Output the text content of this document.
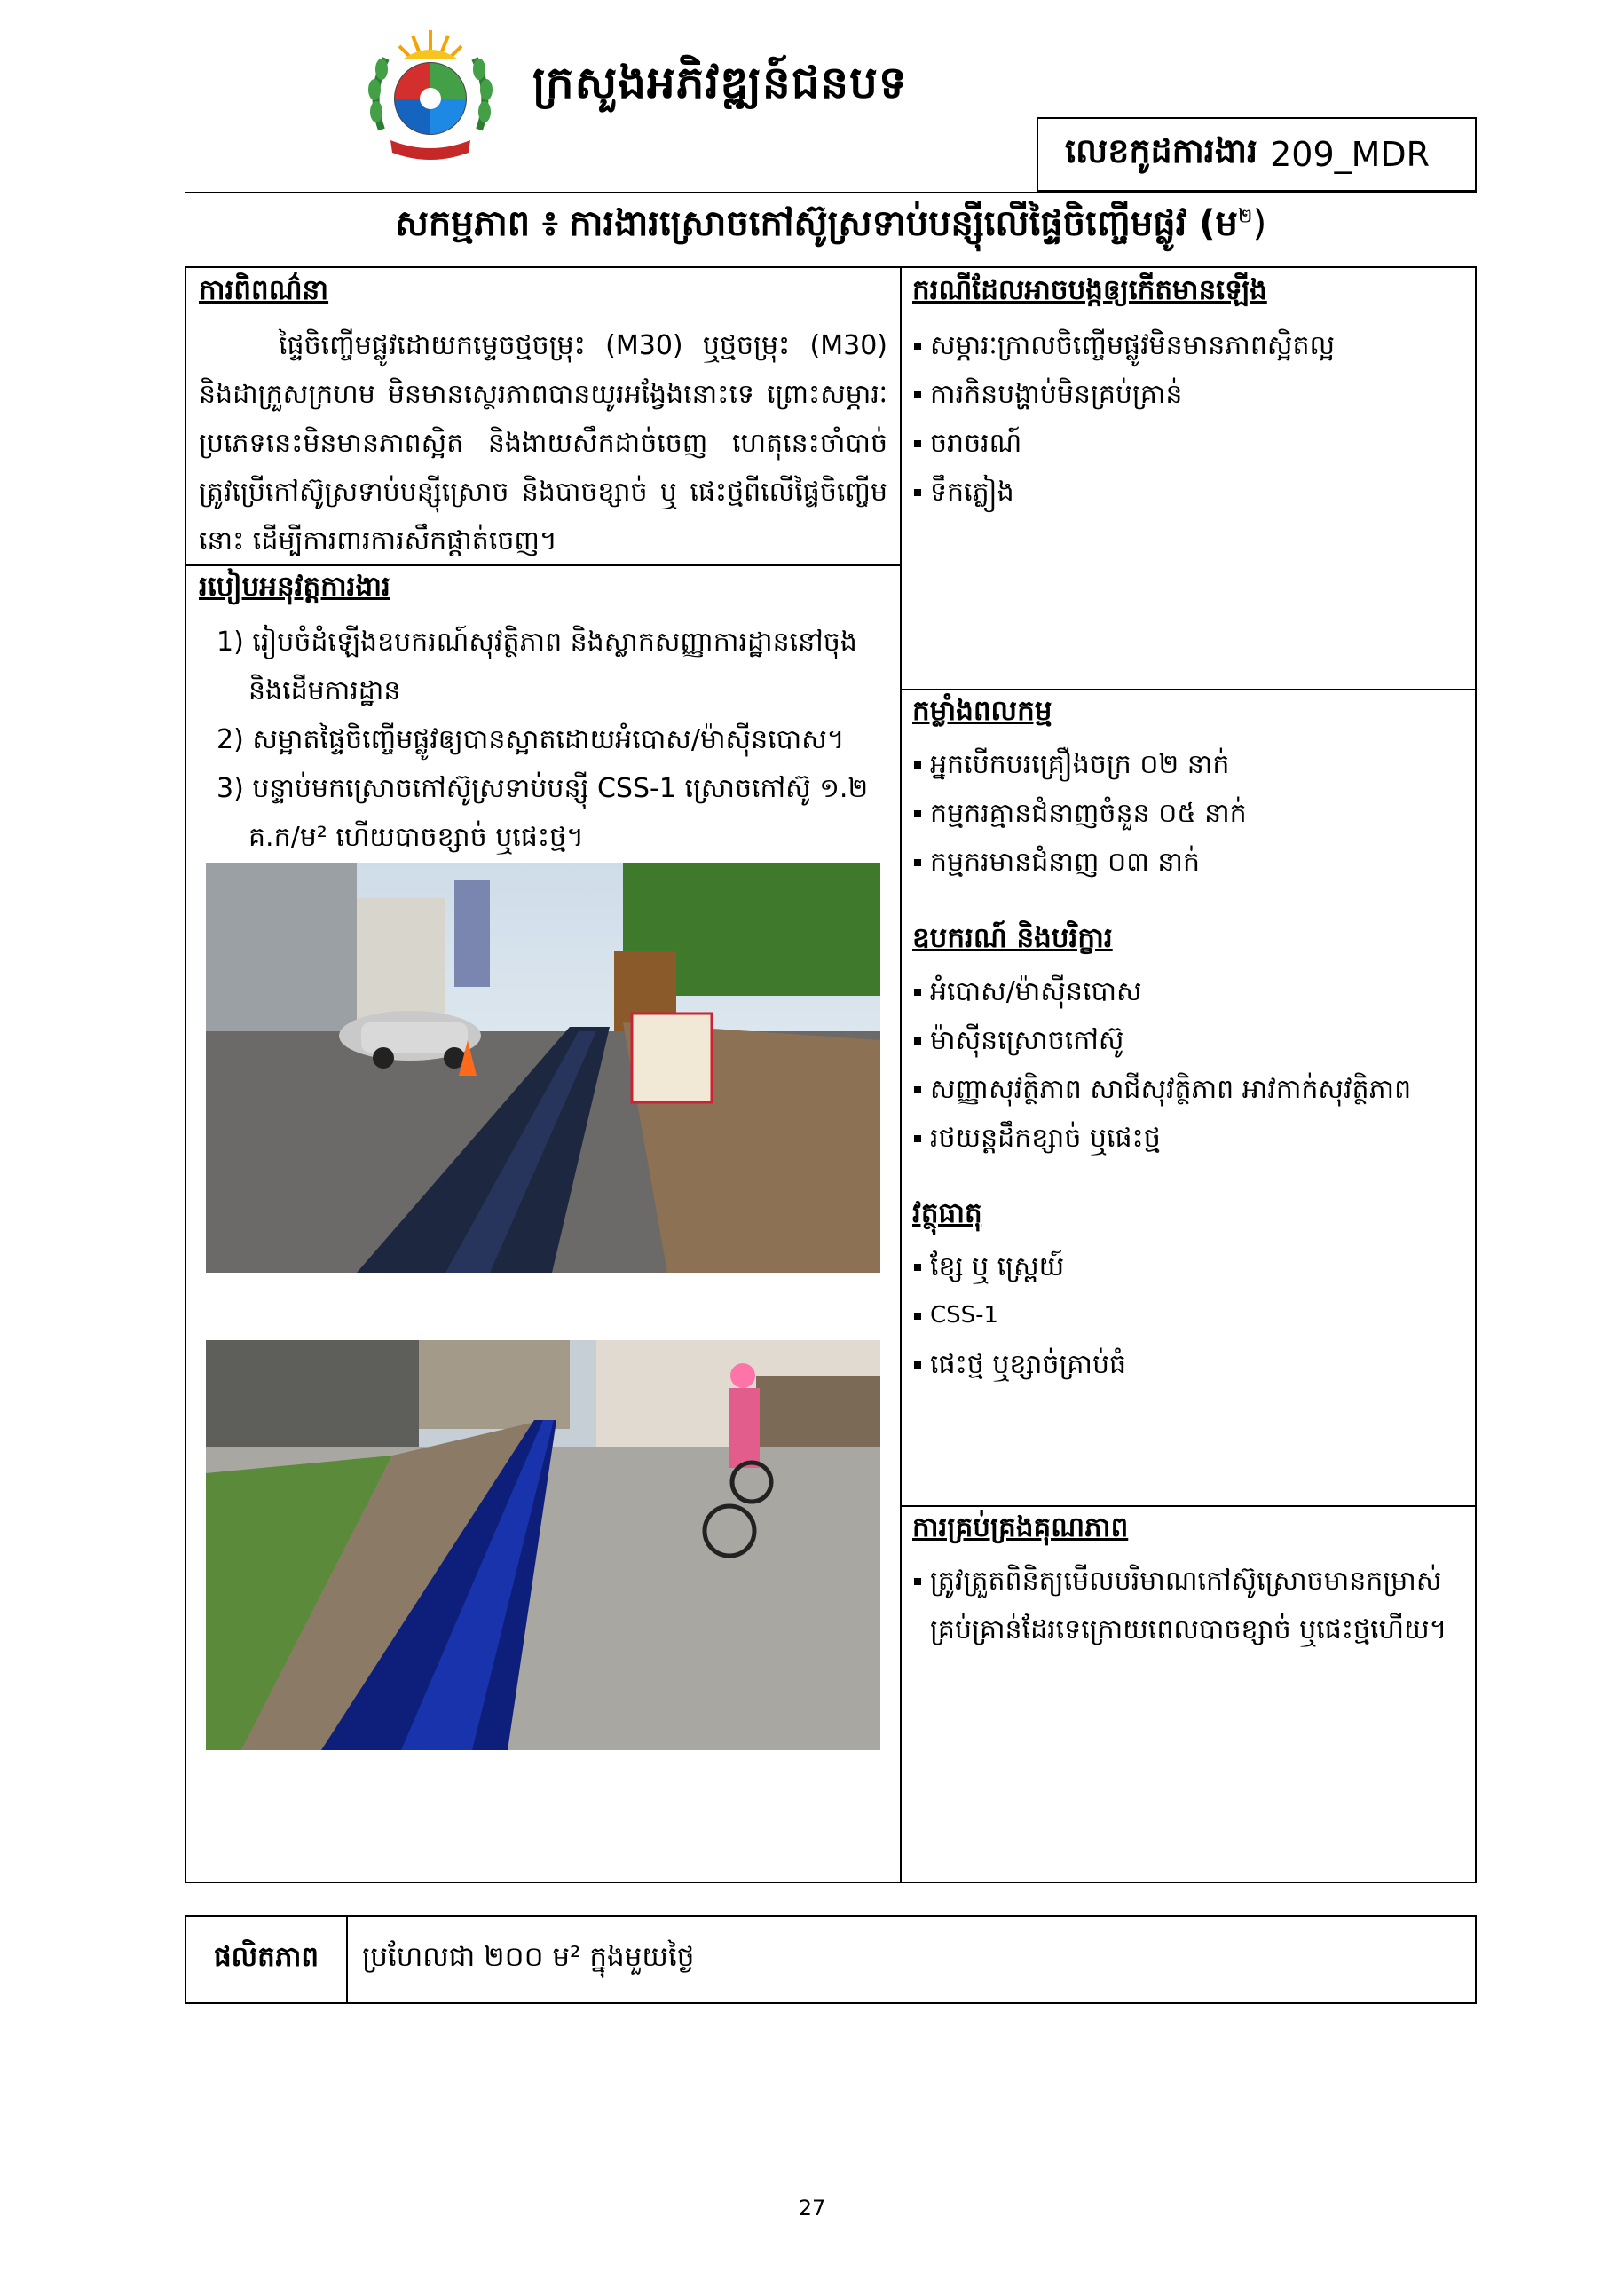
ក្រសួងអភិវឌ្ឍន៍ជនបទ
លេខកូដការងារ 209_MDR
សកម្មភាព ៖ ការងារស្រោចកៅស៊ូស្រទាប់បន្សុីលើផ្ទៃចិញ្ចើមផ្លូវ (ម$^២$)
ការពិពណ៌នា
ផ្ទៃចិញ្ចើមផ្លូវដោយកម្ទេចថ្មចម្រុះ (M30) ឬថ្មចម្រុះ (M30) និងដាក្រួសក្រហម មិនមានស្ថេរភាពបានយូរអង្វែងនោះទេ ព្រោះសម្ភារៈប្រភេទនេះមិនមានភាពស្អិត និងងាយសឹកដាច់ចេញ ហេតុនេះចាំបាច់ត្រូវប្រើកៅស៊ូស្រទាប់បន្សុីស្រោច និងបាចខ្សាច់ ឬ ផេះថ្មពីលើផ្ទៃចិញ្ចើមនោះ ដើម្បីការពារការសឹកផ្ដាត់ចេញ។
របៀបអនុវត្តការងារ
1) រៀបចំដំឡើងឧបករណ៍សុវត្ថិភាព និងស្លាកសញ្ញាការដ្ឋាននៅចុង និងដើមការដ្ឋាន
2) សម្អាតផ្ទៃចិញ្ចើមផ្លូវឲ្យបានស្អាតដោយអំបោស/ម៉ាស៊ីនបោស។
3) បន្ទាប់មកស្រោចកៅស៊ូស្រទាប់បន្សុី CSS-1 ស្រោចកៅស៊ូ ១.២ គ.ក/ម² ហើយបាចខ្សាច់ ឬផេះថ្ម។
ករណីដែលអាចបង្កឲ្យកើតមានឡើង
សម្ភារៈក្រាលចិញ្ចើមផ្លូវមិនមានភាពស្អិតល្អ
ការកិនបង្ហាប់មិនគ្រប់គ្រាន់
ចរាចរណ៍
ទឹកភ្លៀង
កម្លាំងពលកម្ម
អ្នកបើកបរគ្រឿងចក្រ ០២ នាក់
កម្មករគ្មានជំនាញចំនួន ០៥ នាក់
កម្មករមានជំនាញ ០៣ នាក់
ឧបករណ៍ និងបរិក្ខារ
អំបោស/ម៉ាស៊ីនបោស
ម៉ាស៊ីនស្រោចកៅស៊ូ
សញ្ញាសុវត្ថិភាព សាជីសុវត្ថិភាព អាវកាក់សុវត្ថិភាព
រថយន្តដឹកខ្សាច់ ឬផេះថ្ម
វត្ថុធាតុ
ខ្សែ ឬ ស្ព្រេយ៍
CSS-1
ផេះថ្ម ឬខ្សាច់គ្រាប់ធំ
ការគ្រប់គ្រងគុណភាព
ត្រូវត្រួតពិនិត្យមើលបរិមាណកៅស៊ូស្រោចមានកម្រាស់គ្រប់គ្រាន់ដែរទេក្រោយពេលបាចខ្សាច់ ឬផេះថ្មហើយ។
ផលិតភាព	ប្រហែលជា ២០០ ម² ក្នុងមួយថ្ងៃ
27
